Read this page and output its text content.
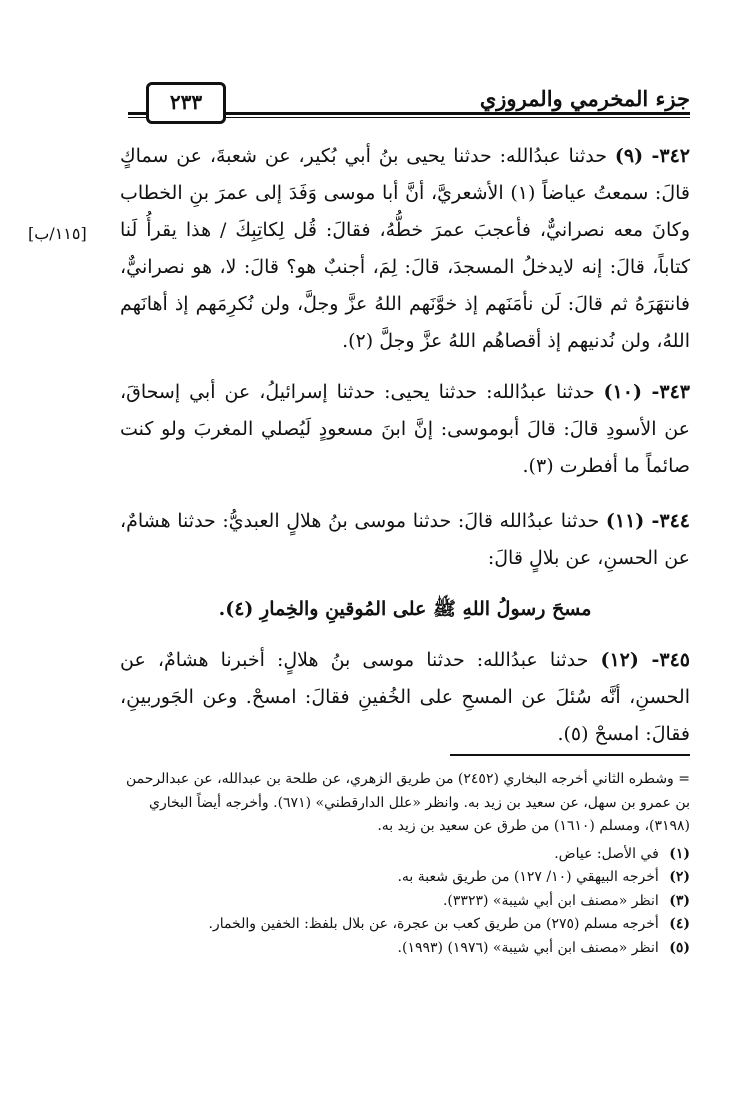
جزء المخرمي والمروزي
٢٣٣
[١١٥/ب]

٣٤٢- (٩) حدثنا عبدُالله: حدثنا يحيى بنُ أبي بُكير، عن شعبةَ، عن سماكٍ قالَ: سمعتُ عياضاً (١) الأشعريَّ، أنَّ أبا موسى وَفَدَ إلى عمرَ بنِ الخطاب وكانَ معه نصرانيٌّ، فأعجبَ عمرَ خطُّهُ، فقالَ: قُل لِكاتِبِكَ / هذا يقرأُ لَنا كتاباً، قالَ: إنه لايدخلُ المسجدَ، قالَ: لِمَ، أجنبٌ هو؟ قالَ: لا، هو نصرانيٌّ، فانتهَرَهُ ثم قالَ: لَن نأمَنَهم إذ خوَّنَهم اللهُ عزَّ وجلَّ، ولن نُكرِمَهم إذ أهانَهم اللهُ، ولن نُدنيهم إذ أقصاهُم اللهُ عزَّ وجلَّ (٢).

٣٤٣- (١٠) حدثنا عبدُالله: حدثنا يحيى: حدثنا إسرائيلُ، عن أبي إسحاقَ، عن الأسودِ قالَ: قالَ أبوموسى: إنَّ ابنَ مسعودٍ لَيُصلي المغربَ ولو كنت صائماً ما أفطرت (٣).

٣٤٤- (١١) حدثنا عبدُالله قالَ: حدثنا موسى بنُ هلالٍ العبديُّ: حدثنا هشامٌ، عن الحسنِ، عن بلالٍ قالَ:

مسحَ رسولُ اللهِ ﷺ على المُوقينِ والخِمارِ (٤).

٣٤٥- (١٢) حدثنا عبدُالله: حدثنا موسى بنُ هلالٍ: أخبرنا هشامٌ، عن الحسنِ، أنَّه سُئلَ عن المسحِ على الخُفينِ فقالَ: امسحْ. وعن الجَوربينِ، فقالَ: امسحْ (٥).

= وشطره الثاني أخرجه البخاري (٢٤٥٢) من طريق الزهري، عن طلحة بن عبدالله، عن عبدالرحمن بن عمرو بن سهل، عن سعيد بن زيد به. وانظر «علل الدارقطني» (٦٧١). وأخرجه أيضاً البخاري (٣١٩٨)، ومسلم (١٦١٠) من طرق عن سعيد بن زيد به.

(١) في الأصل: عياض.

(٢) أخرجه البيهقي (١٠/ ١٢٧) من طريق شعبة به.

(٣) انظر «مصنف ابن أبي شيبة» (٣٣٢٣).

(٤) أخرجه مسلم (٢٧٥) من طريق كعب بن عجرة، عن بلال بلفظ: الخفين والخمار.

(٥) انظر «مصنف ابن أبي شيبة» (١٩٧٦) (١٩٩٣).
